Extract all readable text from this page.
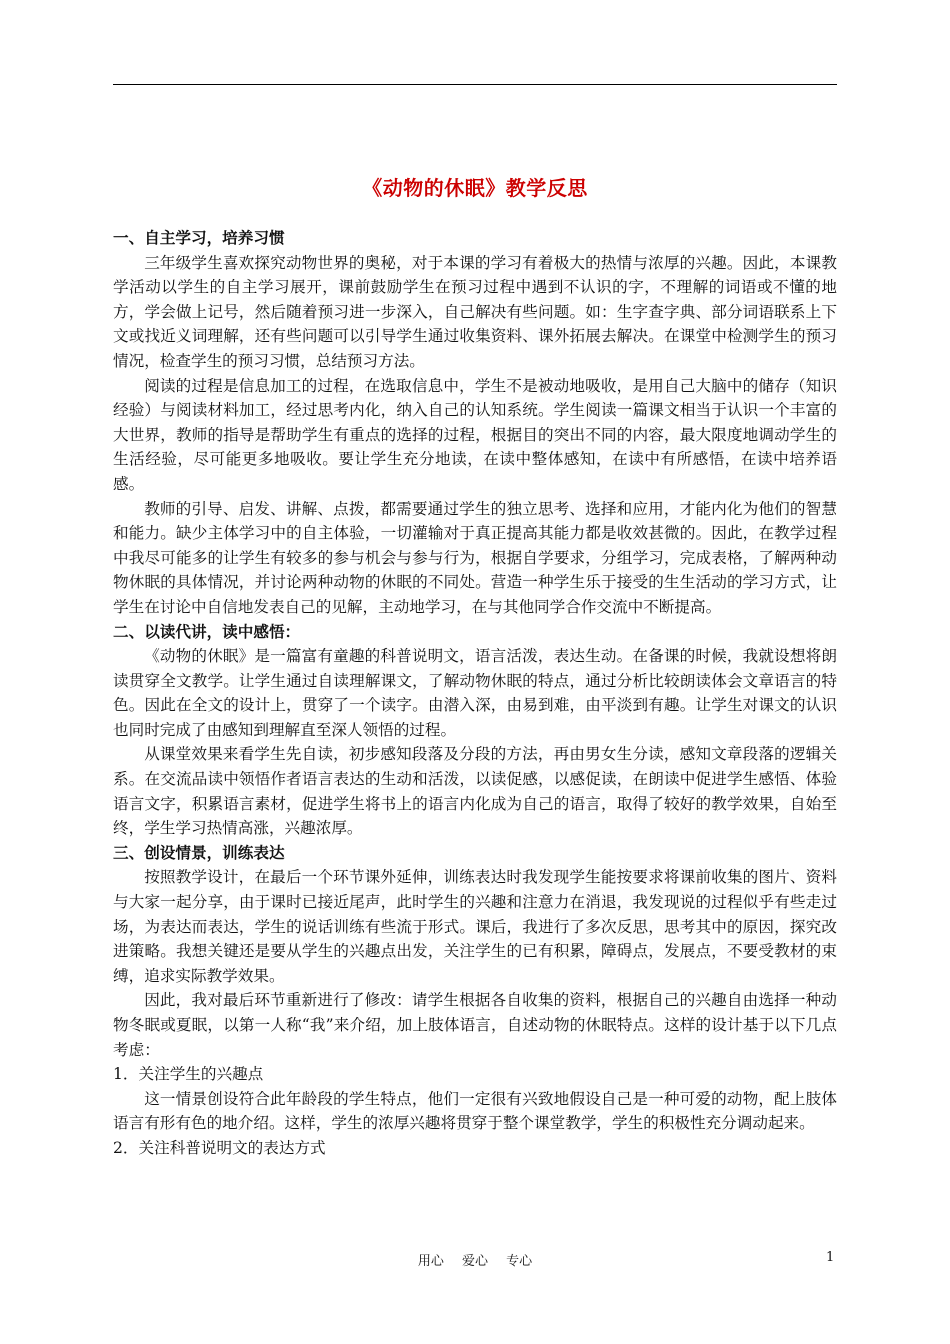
《动物的休眠》教学反思
一、自主学习，培养习惯

三年级学生喜欢探究动物世界的奥秘，对于本课的学习有着极大的热情与浓厚的兴趣。因此，本课教学活动以学生的自主学习展开，课前鼓励学生在预习过程中遇到不认识的字，不理解的词语或不懂的地方，学会做上记号，然后随着预习进一步深入，自己解决有些问题。如：生字查字典、部分词语联系上下文或找近义词理解，还有些问题可以引导学生通过收集资料、课外拓展去解决。在课堂中检测学生的预习情况，检查学生的预习习惯，总结预习方法。

阅读的过程是信息加工的过程，在选取信息中，学生不是被动地吸收，是用自己大脑中的储存（知识经验）与阅读材料加工，经过思考内化，纳入自己的认知系统。学生阅读一篇课文相当于认识一个丰富的大世界，教师的指导是帮助学生有重点的选择的过程，根据目的突出不同的内容，最大限度地调动学生的生活经验，尽可能更多地吸收。要让学生充分地读，在读中整体感知，在读中有所感悟，在读中培养语感。

教师的引导、启发、讲解、点拨，都需要通过学生的独立思考、选择和应用，才能内化为他们的智慧和能力。缺少主体学习中的自主体验，一切灌输对于真正提高其能力都是收效甚微的。因此，在教学过程中我尽可能多的让学生有较多的参与机会与参与行为，根据自学要求，分组学习，完成表格，了解两种动物休眠的具体情况，并讨论两种动物的休眠的不同处。营造一种学生乐于接受的生生活动的学习方式，让学生在讨论中自信地发表自己的见解，主动地学习，在与其他同学合作交流中不断提高。

二、以读代讲，读中感悟：

《动物的休眠》是一篇富有童趣的科普说明文，语言活泼，表达生动。在备课的时候，我就设想将朗读贯穿全文教学。让学生通过自读理解课文，了解动物休眠的特点，通过分析比较朗读体会文章语言的特色。因此在全文的设计上，贯穿了一个读字。由潜入深，由易到难，由平淡到有趣。让学生对课文的认识也同时完成了由感知到理解直至深人领悟的过程。

从课堂效果来看学生先自读，初步感知段落及分段的方法，再由男女生分读，感知文章段落的逻辑关系。在交流品读中领悟作者语言表达的生动和活泼，以读促感，以感促读，在朗读中促进学生感悟、体验语言文字，积累语言素材，促进学生将书上的语言内化成为自己的语言，取得了较好的教学效果，自始至终，学生学习热情高涨，兴趣浓厚。

三、创设情景，训练表达

按照教学设计，在最后一个环节课外延伸，训练表达时我发现学生能按要求将课前收集的图片、资料与大家一起分享，由于课时已接近尾声，此时学生的兴趣和注意力在消退，我发现说的过程似乎有些走过场，为表达而表达，学生的说话训练有些流于形式。课后，我进行了多次反思，思考其中的原因，探究改进策略。我想关键还是要从学生的兴趣点出发，关注学生的已有积累，障碍点，发展点，不要受教材的束缚，追求实际教学效果。

因此，我对最后环节重新进行了修改：请学生根据各自收集的资料，根据自己的兴趣自由选择一种动物冬眠或夏眠，以第一人称“我”来介绍，加上肢体语言，自述动物的休眠特点。这样的设计基于以下几点考虑：

1．关注学生的兴趣点

这一情景创设符合此年龄段的学生特点，他们一定很有兴致地假设自己是一种可爱的动物，配上肢体语言有形有色的地介绍。这样，学生的浓厚兴趣将贯穿于整个课堂教学，学生的积极性充分调动起来。

2．关注科普说明文的表达方式

用心 爱心 专心	1
